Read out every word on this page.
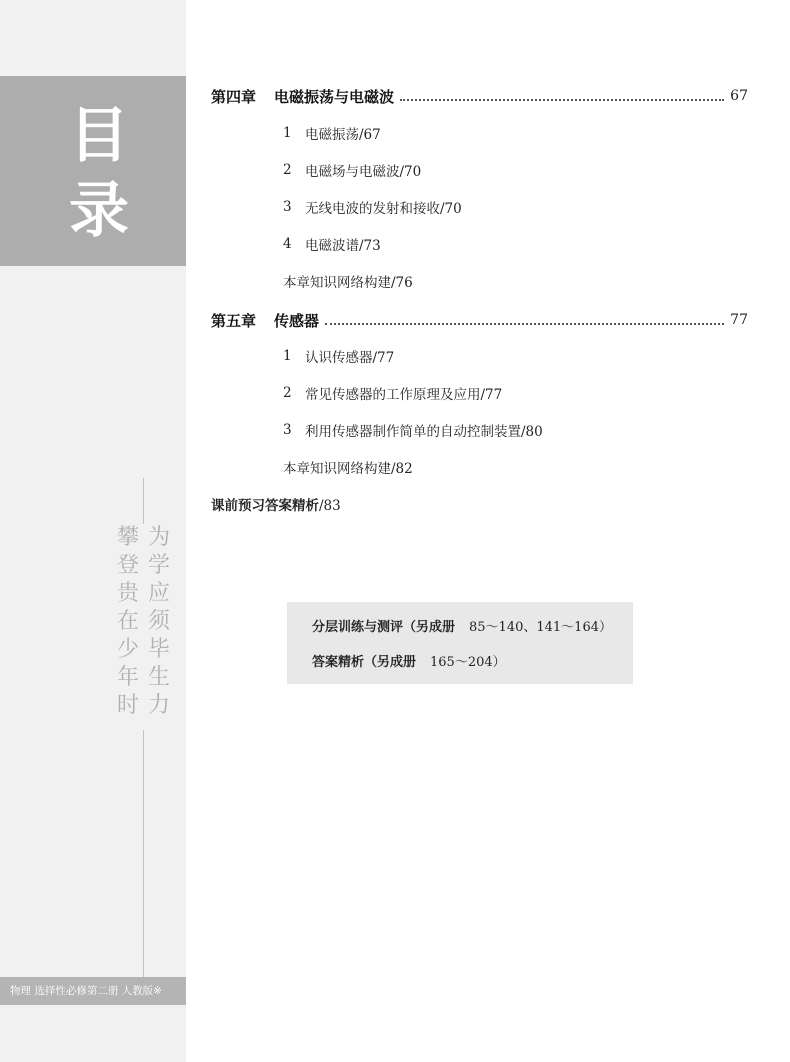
目
录
为
学
应
须
毕
生
力
攀
登
贵
在
少
年
时
物理 选择性必修第二册 人教版※
第四章 电磁振荡与电磁波	67
1 电磁振荡/67
2 电磁场与电磁波/70
3 无线电波的发射和接收/70
4 电磁波谱/73
本章知识网络构建/76
第五章 传感器	77
1 认识传感器/77
2 常见传感器的工作原理及应用/77
3 利用传感器制作简单的自动控制装置/80
本章知识网络构建/82
课前预习答案精析/83
分层训练与测评（另成册 85～140、141～164）
答案精析（另成册 165～204）
